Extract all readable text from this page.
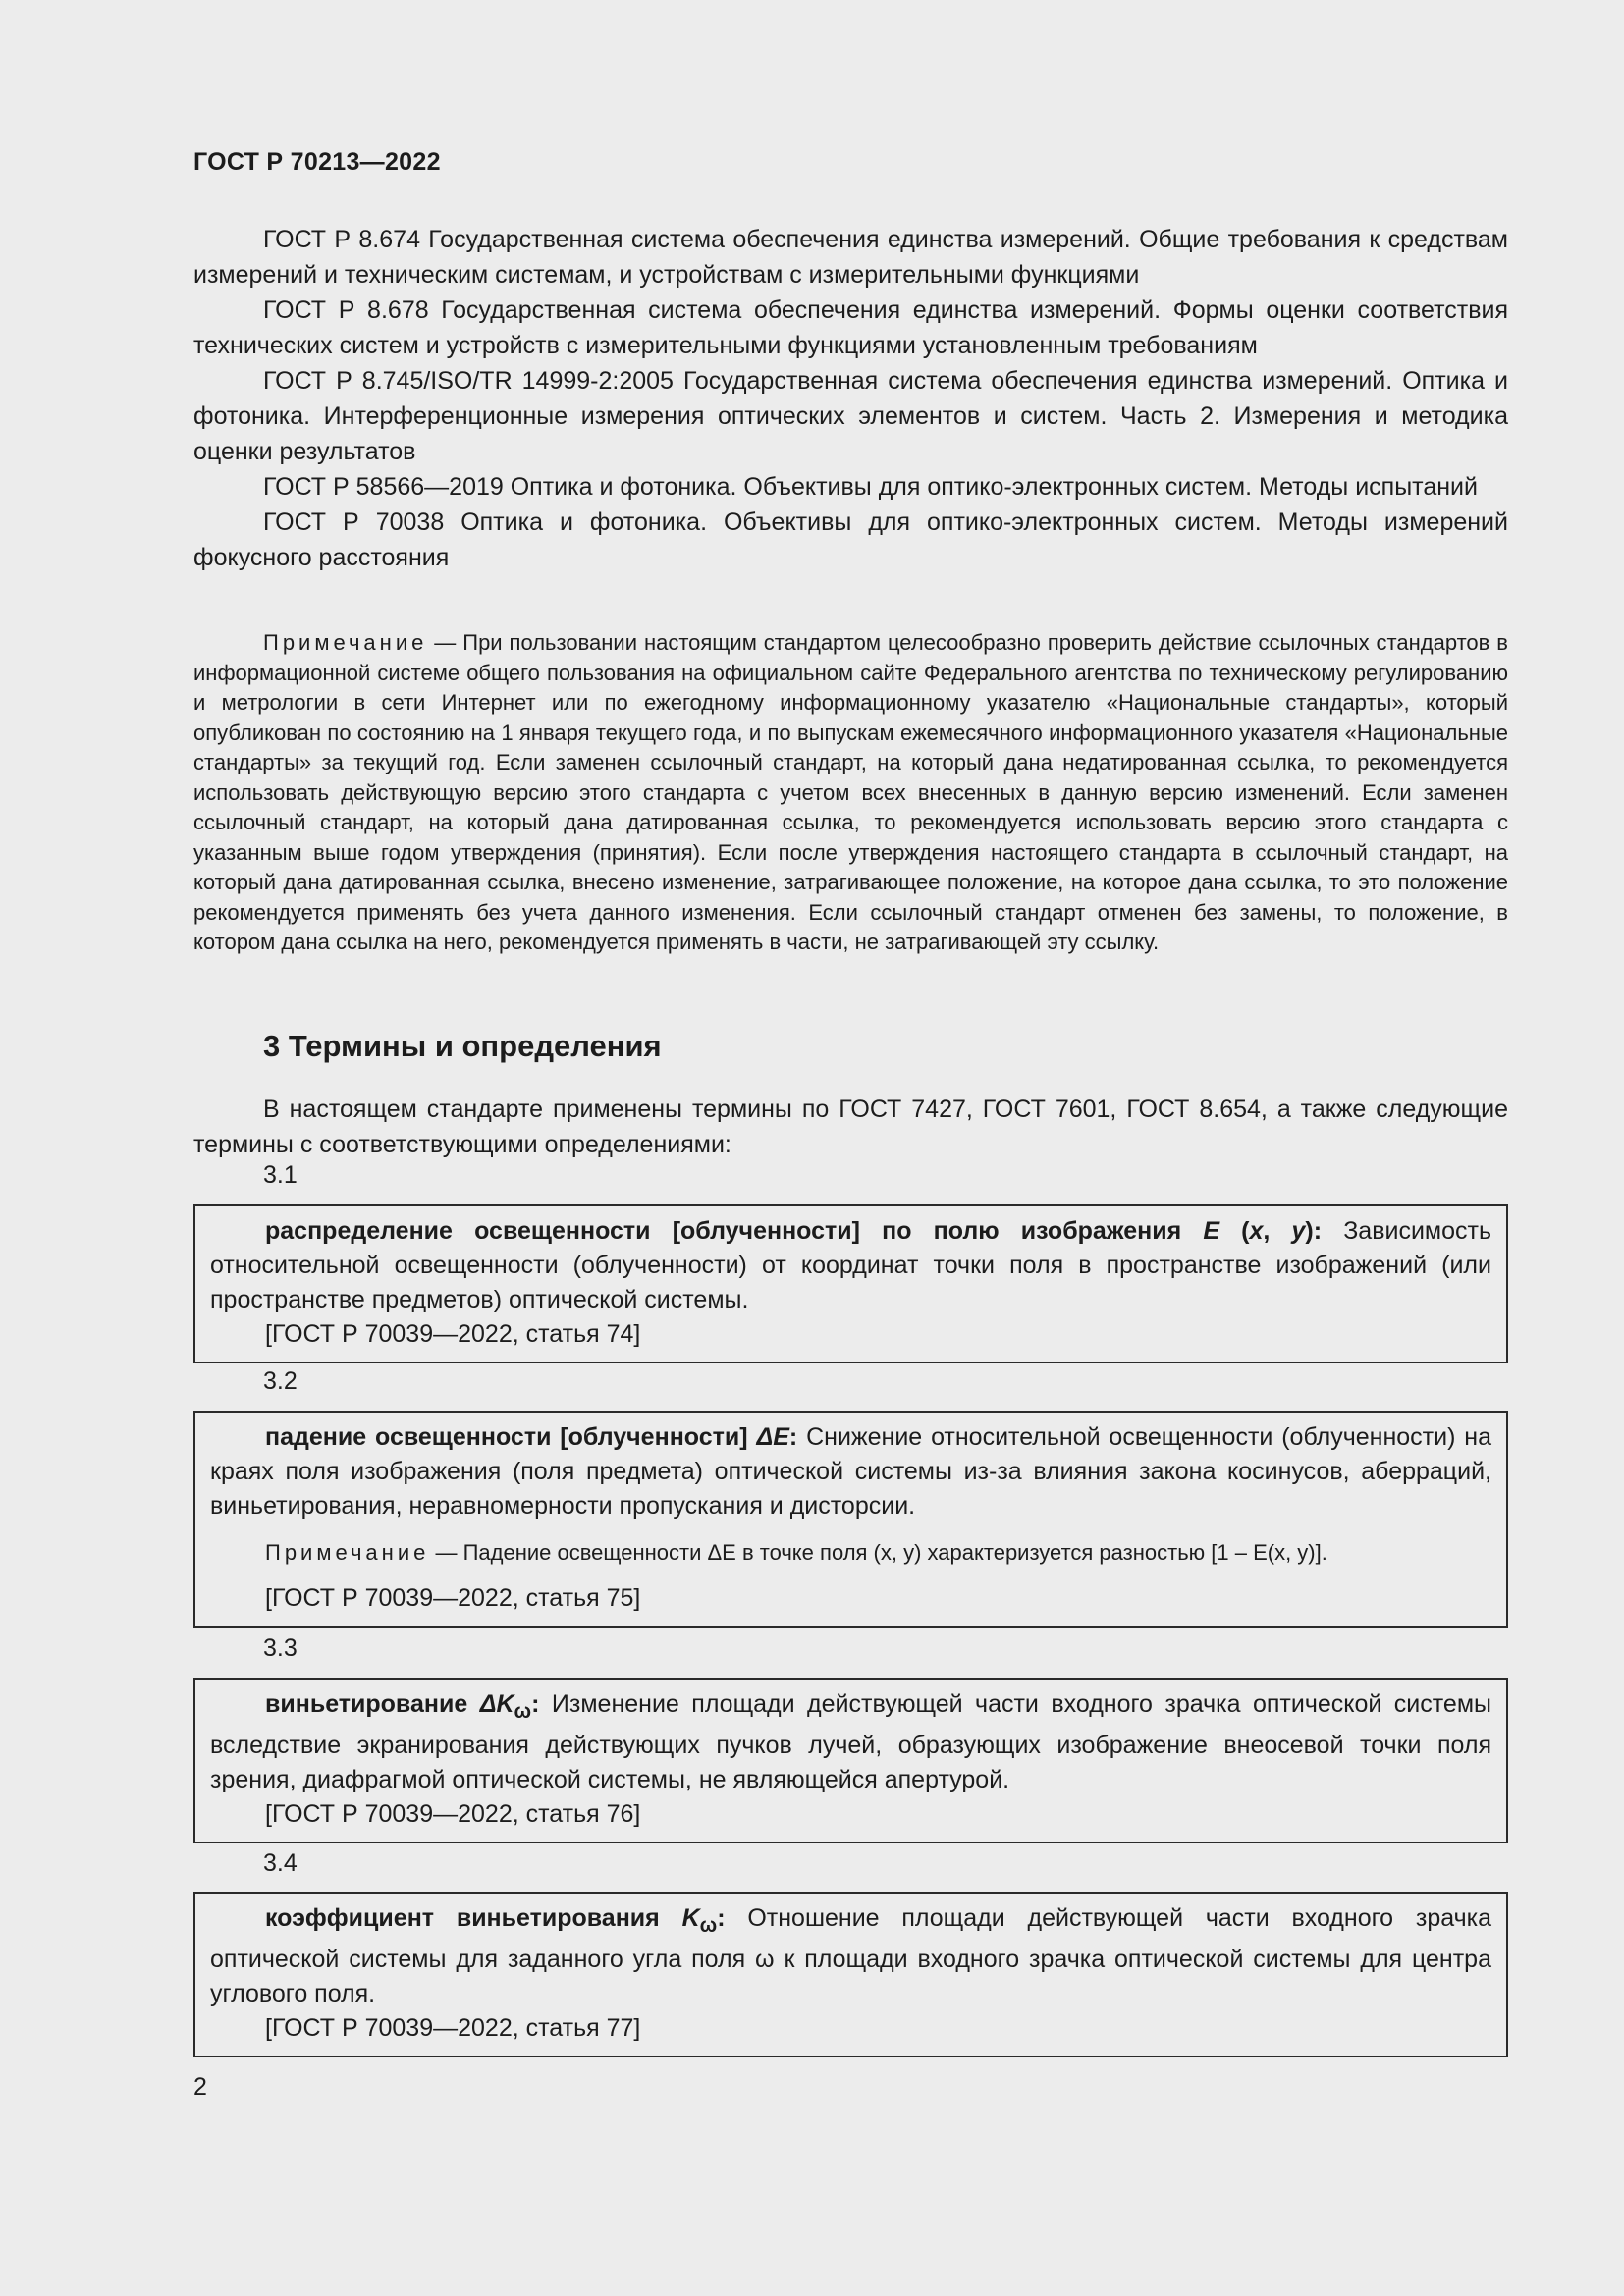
ГОСТ Р 70213—2022

ГОСТ Р 8.674 Государственная система обеспечения единства измерений. Общие требования к средствам измерений и техническим системам, и устройствам с измерительными функциями

ГОСТ Р 8.678 Государственная система обеспечения единства измерений. Формы оценки соответствия технических систем и устройств с измерительными функциями установленным требованиям

ГОСТ Р 8.745/ISO/TR 14999-2:2005 Государственная система обеспечения единства измерений. Оптика и фотоника. Интерференционные измерения оптических элементов и систем. Часть 2. Измерения и методика оценки результатов

ГОСТ Р 58566—2019 Оптика и фотоника. Объективы для оптико-электронных систем. Методы испытаний

ГОСТ Р 70038 Оптика и фотоника. Объективы для оптико-электронных систем. Методы измерений фокусного расстояния

Примечание — При пользовании настоящим стандартом целесообразно проверить действие ссылочных стандартов в информационной системе общего пользования на официальном сайте Федерального агентства по техническому регулированию и метрологии в сети Интернет или по ежегодному информационному указателю «Национальные стандарты», который опубликован по состоянию на 1 января текущего года, и по выпускам ежемесячного информационного указателя «Национальные стандарты» за текущий год. Если заменен ссылочный стандарт, на который дана недатированная ссылка, то рекомендуется использовать действующую версию этого стандарта с учетом всех внесенных в данную версию изменений. Если заменен ссылочный стандарт, на который дана датированная ссылка, то рекомендуется использовать версию этого стандарта с указанным выше годом утверждения (принятия). Если после утверждения настоящего стандарта в ссылочный стандарт, на который дана датированная ссылка, внесено изменение, затрагивающее положение, на которое дана ссылка, то это положение рекомендуется применять без учета данного изменения. Если ссылочный стандарт отменен без замены, то положение, в котором дана ссылка на него, рекомендуется применять в части, не затрагивающей эту ссылку.

3 Термины и определения

В настоящем стандарте применены термины по ГОСТ 7427, ГОСТ 7601, ГОСТ 8.654, а также следующие термины с соответствующими определениями:

3.1

распределение освещенности [облученности] по полю изображения E (x, y): Зависимость относительной освещенности (облученности) от координат точки поля в пространстве изображений (или пространстве предметов) оптической системы.

[ГОСТ Р 70039—2022, статья 74]

3.2

падение освещенности [облученности] ΔE: Снижение относительной освещенности (облученности) на краях поля изображения (поля предмета) оптической системы из-за влияния закона косинусов, аберраций, виньетирования, неравномерности пропускания и дисторсии.

Примечание — Падение освещенности ΔE в точке поля (x, y) характеризуется разностью [1 – E(x, y)].

[ГОСТ Р 70039—2022, статья 75]

3.3

виньетирование $\Delta K_\omega$: Изменение площади действующей части входного зрачка оптической системы вследствие экранирования действующих пучков лучей, образующих изображение внеосевой точки поля зрения, диафрагмой оптической системы, не являющейся апертурой.

[ГОСТ Р 70039—2022, статья 76]

3.4

коэффициент виньетирования $K_\omega$: Отношение площади действующей части входного зрачка оптической системы для заданного угла поля ω к площади входного зрачка оптической системы для центра углового поля.

[ГОСТ Р 70039—2022, статья 77]

2
